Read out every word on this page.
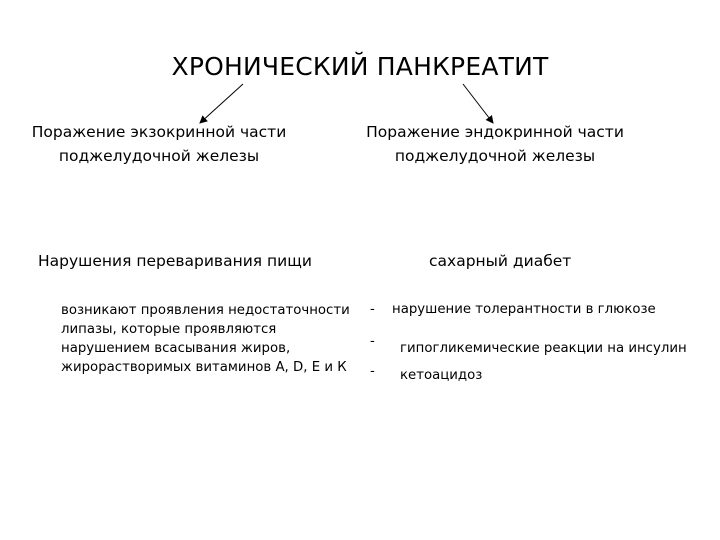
ХРОНИЧЕСКИЙ ПАНКРЕАТИТ
Поражение экзокринной части поджелудочной железы
Поражение эндокринной части поджелудочной железы
Нарушения переваривания пищи	сахарный диабет
возникают проявления недостаточности
липазы, которые проявляются
нарушением всасывания жиров,
жирорастворимых витаминов А, D, Е и К
- нарушение толерантности в глюкозе
- гипогликемические реакции на инсулин
- кетоацидоз
